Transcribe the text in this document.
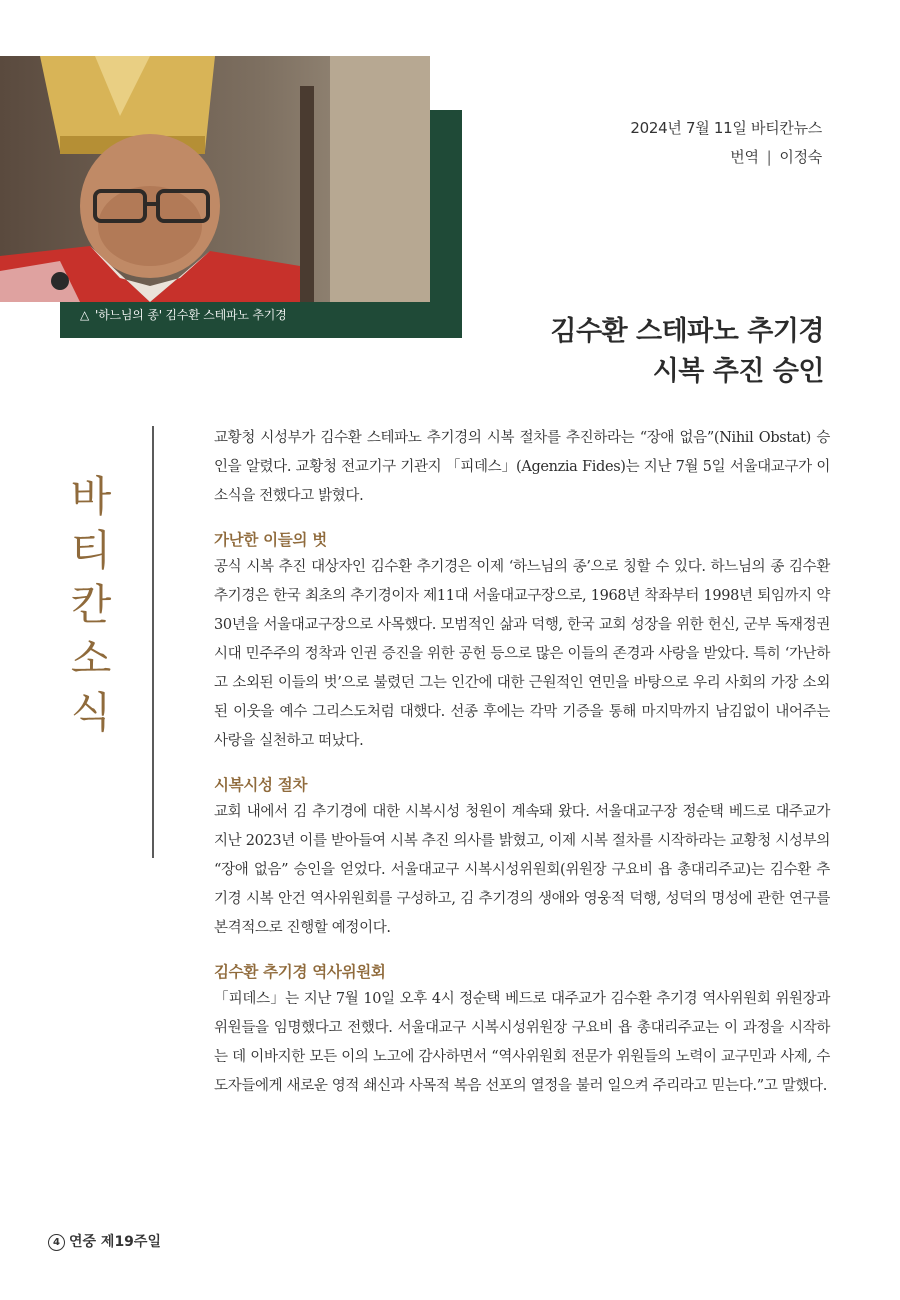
△ '하느님의 종' 김수환 스테파노 추기경
2024년 7월 11일 바티칸뉴스
번역 | 이정숙
김수환 스테파노 추기경
시복 추진 승인
바
티
칸
소
식

교황청 시성부가 김수환 스테파노 추기경의 시복 절차를 추진하라는 “장애 없음”(Nihil Obstat) 승인을 알렸다. 교황청 전교기구 기관지 「피데스」(Agenzia Fides)는 지난 7월 5일 서울대교구가 이 소식을 전했다고 밝혔다.

가난한 이들의 벗

공식 시복 추진 대상자인 김수환 추기경은 이제 ‘하느님의 종’으로 칭할 수 있다. 하느님의 종 김수환 추기경은 한국 최초의 추기경이자 제11대 서울대교구장으로, 1968년 착좌부터 1998년 퇴임까지 약 30년을 서울대교구장으로 사목했다. 모범적인 삶과 덕행, 한국 교회 성장을 위한 헌신, 군부 독재정권 시대 민주주의 정착과 인권 증진을 위한 공헌 등으로 많은 이들의 존경과 사랑을 받았다. 특히 ‘가난하고 소외된 이들의 벗’으로 불렸던 그는 인간에 대한 근원적인 연민을 바탕으로 우리 사회의 가장 소외된 이웃을 예수 그리스도처럼 대했다. 선종 후에는 각막 기증을 통해 마지막까지 남김없이 내어주는 사랑을 실천하고 떠났다.

시복시성 절차

교회 내에서 김 추기경에 대한 시복시성 청원이 계속돼 왔다. 서울대교구장 정순택 베드로 대주교가 지난 2023년 이를 받아들여 시복 추진 의사를 밝혔고, 이제 시복 절차를 시작하라는 교황청 시성부의 “장애 없음” 승인을 얻었다. 서울대교구 시복시성위원회(위원장 구요비 욥 총대리주교)는 김수환 추기경 시복 안건 역사위원회를 구성하고, 김 추기경의 생애와 영웅적 덕행, 성덕의 명성에 관한 연구를 본격적으로 진행할 예정이다.

김수환 추기경 역사위원회

「피데스」는 지난 7월 10일 오후 4시 정순택 베드로 대주교가 김수환 추기경 역사위원회 위원장과 위원들을 임명했다고 전했다. 서울대교구 시복시성위원장 구요비 욥 총대리주교는 이 과정을 시작하는 데 이바지한 모든 이의 노고에 감사하면서 “역사위원회 전문가 위원들의 노력이 교구민과 사제, 수도자들에게 새로운 영적 쇄신과 사목적 복음 선포의 열정을 불러 일으켜 주리라고 믿는다.”고 말했다.

4 연중 제19주일
